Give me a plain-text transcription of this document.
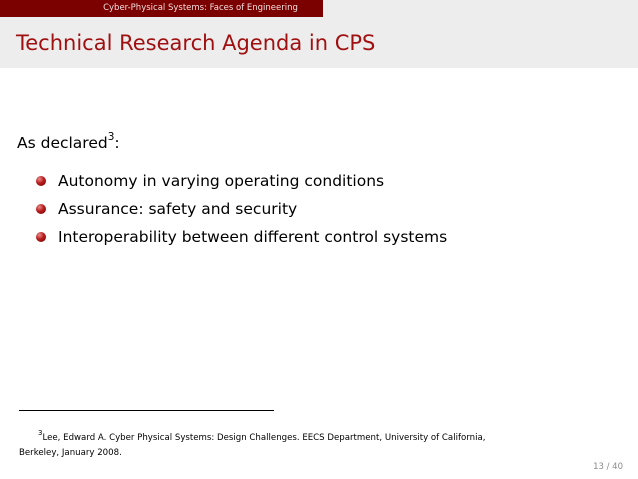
Cyber-Physical Systems: Faces of Engineering
Technical Research Agenda in CPS
As declared$^3$:
Autonomy in varying operating conditions
Assurance: safety and security
Interoperability between different control systems
$^3$Lee, Edward A. Cyber Physical Systems: Design Challenges. EECS Department, University of California,
Berkeley, January 2008.
13 / 40
